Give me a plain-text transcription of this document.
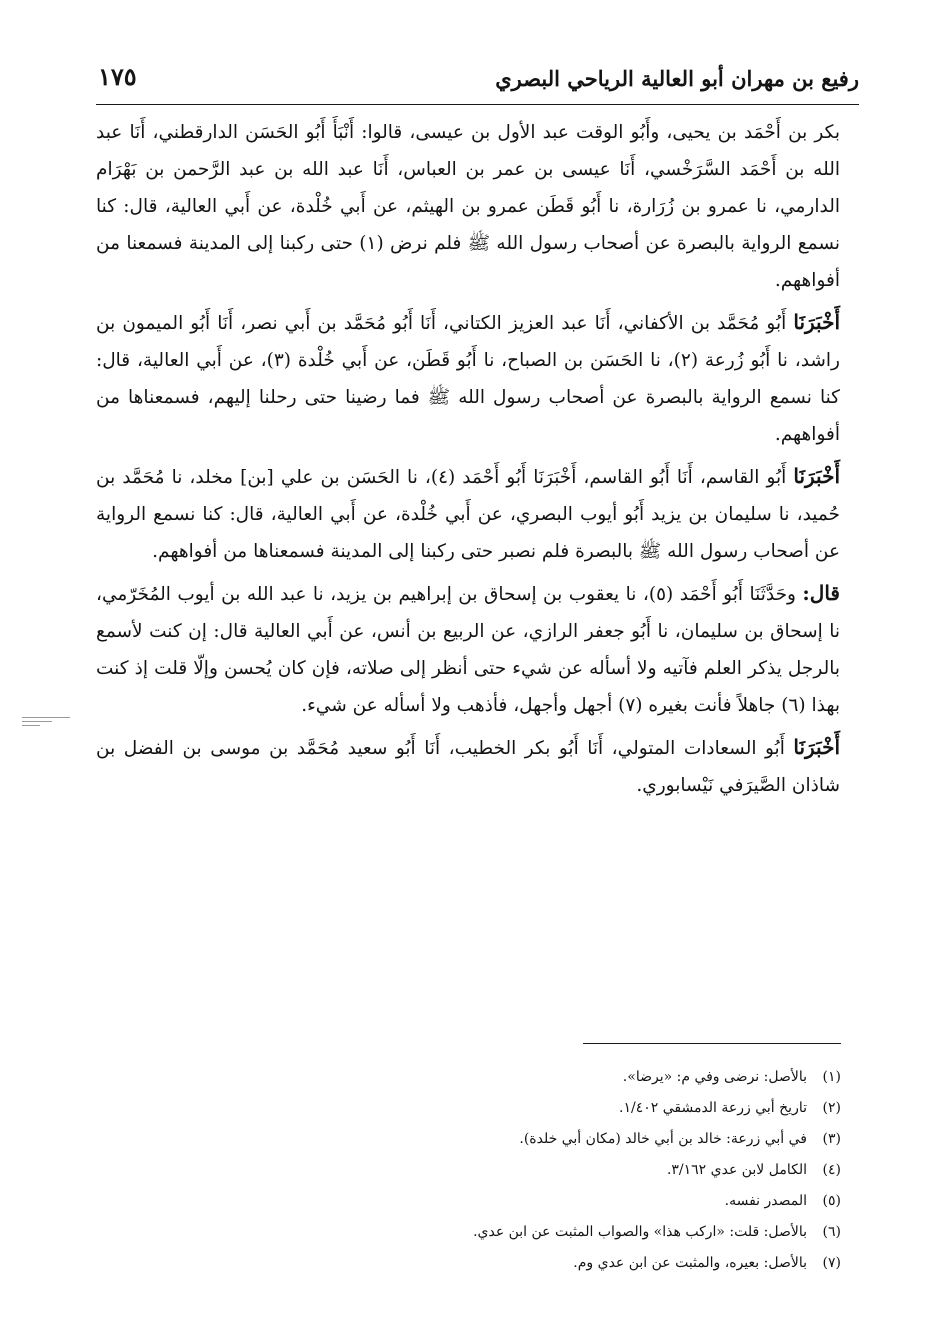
رفيع بن مهران أبو العالية الرياحي البصري
١٧٥

بكر بن أَحْمَد بن يحيى، وأَبُو الوقت عبد الأول بن عيسى، قالوا: أَنْبَأَ أَبُو الحَسَن الدارقطني، أَنَا عبد الله بن أَحْمَد السَّرَخْسي، أَنَا عيسى بن عمر بن العباس، أَنَا عبد الله بن عبد الرَّحمن بن بَهْرَام الدارمي، نا عمرو بن زُرَارة، نا أَبُو قَطَن عمرو بن الهيثم، عن أَبي خُلْدة، عن أَبي العالية، قال: كنا نسمع الرواية بالبصرة عن أصحاب رسول الله ﷺ فلم نرض (١) حتى ركبنا إلى المدينة فسمعنا من أفواههم.

أَخْبَرَنَا أَبُو مُحَمَّد بن الأكفاني، أَنَا عبد العزيز الكتاني، أَنَا أَبُو مُحَمَّد بن أَبي نصر، أَنَا أَبُو الميمون بن راشد، نا أَبُو زُرعة (٢)، نا الحَسَن بن الصباح، نا أَبُو قَطَن، عن أَبي خُلْدة (٣)، عن أَبي العالية، قال: كنا نسمع الرواية بالبصرة عن أصحاب رسول الله ﷺ فما رضينا حتى رحلنا إليهم، فسمعناها من أفواههم.

أَخْبَرَنَا أَبُو القاسم، أَنَا أَبُو القاسم، أَخْبَرَنَا أَبُو أَحْمَد (٤)، نا الحَسَن بن علي [بن] مخلد، نا مُحَمَّد بن حُميد، نا سليمان بن يزيد أَبُو أيوب البصري، عن أَبي خُلْدة، عن أَبي العالية، قال: كنا نسمع الرواية عن أصحاب رسول الله ﷺ بالبصرة فلم نصبر حتى ركبنا إلى المدينة فسمعناها من أفواههم.

قال: وحَدَّثَنَا أَبُو أَحْمَد (٥)، نا يعقوب بن إسحاق بن إبراهيم بن يزيد، نا عبد الله بن أيوب المُخَرّمي، نا إسحاق بن سليمان، نا أَبُو جعفر الرازي، عن الربيع بن أنس، عن أَبي العالية قال: إن كنت لأسمع بالرجل يذكر العلم فآتيه ولا أسأله عن شيء حتى أنظر إلى صلاته، فإن كان يُحسن وإلّا قلت إذ كنت بهذا (٦) جاهلاً فأنت بغيره (٧) أجهل وأجهل، فأذهب ولا أسأله عن شيء.

أَخْبَرَنَا أَبُو السعادات المتولي، أَنَا أَبُو بكر الخطيب، أَنَا أَبُو سعيد مُحَمَّد بن موسى بن الفضل بن شاذان الصَّيرَفي نَيْسابوري.

(١)
بالأصل: نرضى وفي م: «يرضا».
(٢)
تاريخ أبي زرعة الدمشقي ١/٤٠٢.
(٣)
في أبي زرعة: خالد بن أبي خالد (مكان أبي خلدة).
(٤)
الكامل لابن عدي ٣/١٦٢.
(٥)
المصدر نفسه.
(٦)
بالأصل: قلت: «اركب هذا» والصواب المثبت عن ابن عدي.
(٧)
بالأصل: بعيره، والمثبت عن ابن عدي وم.
